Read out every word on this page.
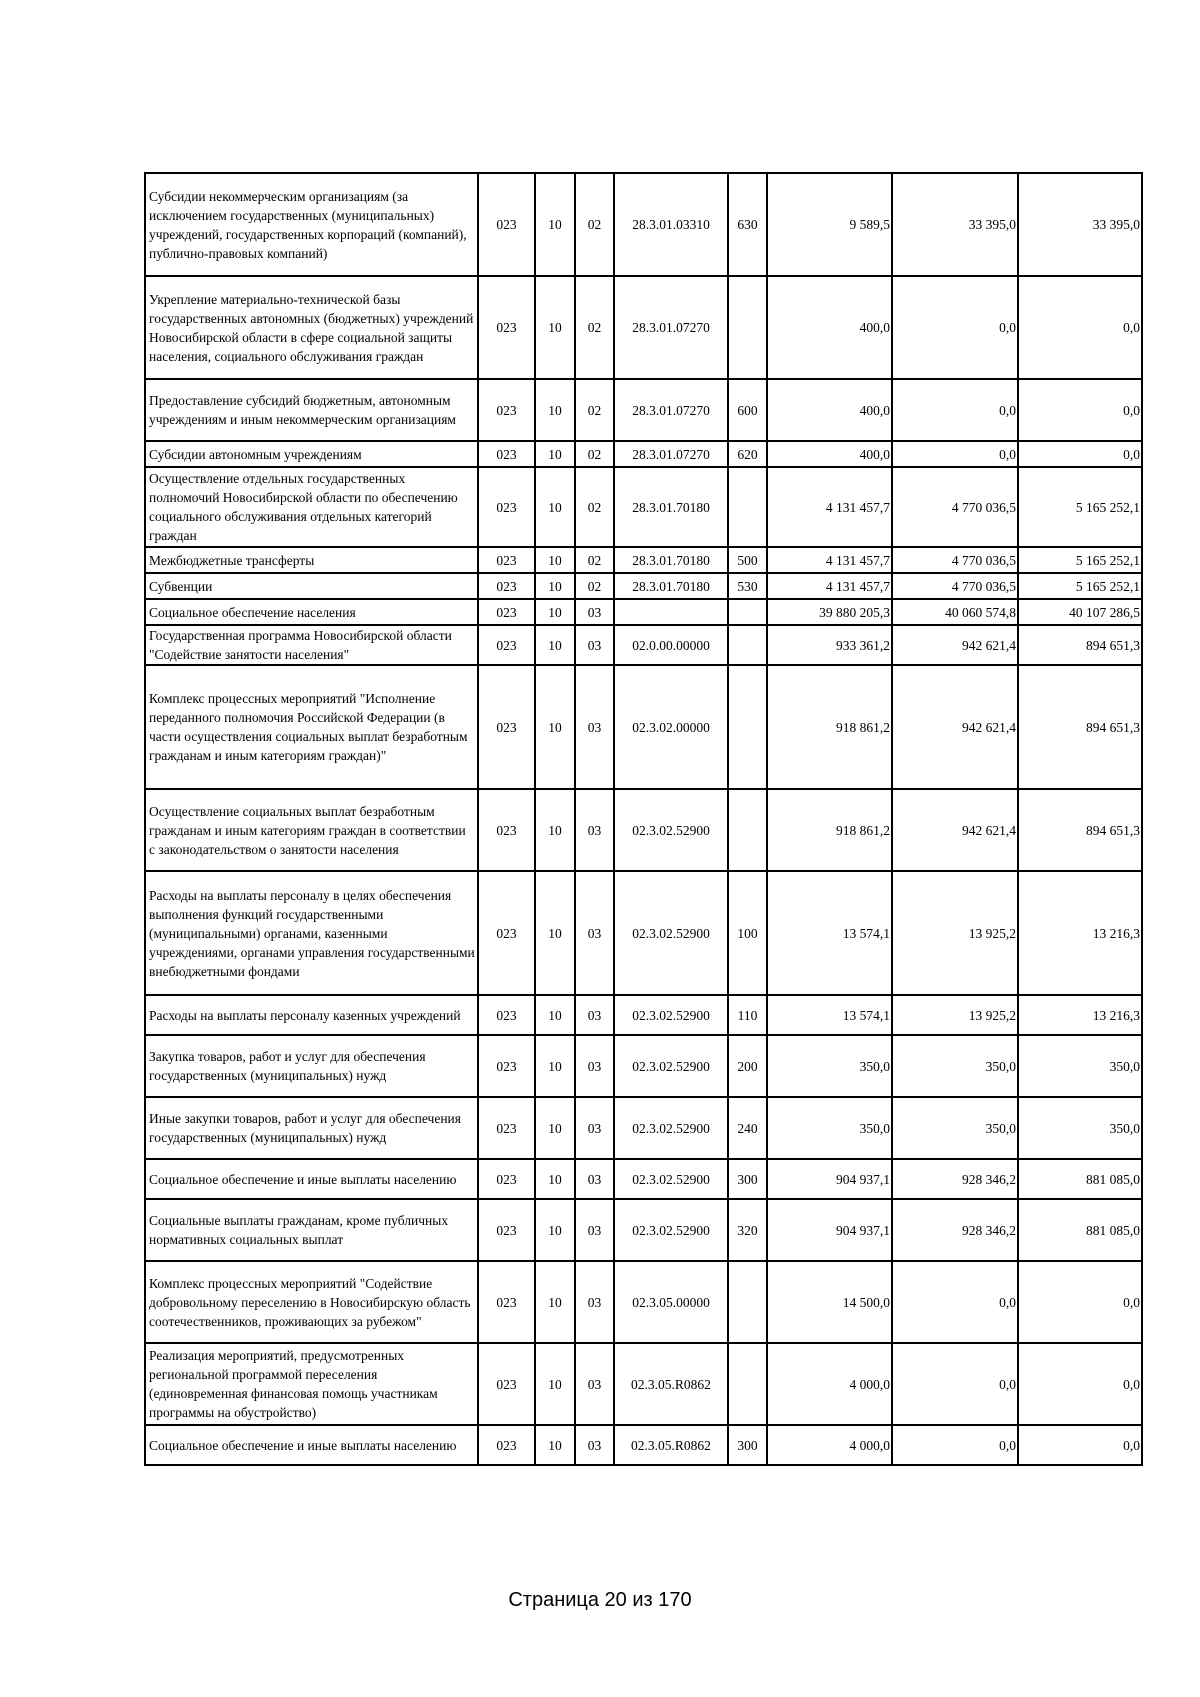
Субсидии некоммерческим организациям (за исключением государственных (муниципальных) учреждений, государственных корпораций (компаний), публично-правовых компаний)	023	10	02	28.3.01.03310	630	9 589,5	33 395,0	33 395,0
Укрепление материально-технической базы государственных автономных (бюджетных) учреждений Новосибирской области в сфере социальной защиты населения, социального обслуживания граждан	023	10	02	28.3.01.07270		400,0	0,0	0,0
Предоставление субсидий бюджетным, автономным учреждениям и иным некоммерческим организациям	023	10	02	28.3.01.07270	600	400,0	0,0	0,0
Субсидии автономным учреждениям	023	10	02	28.3.01.07270	620	400,0	0,0	0,0
Осуществление отдельных государственных полномочий Новосибирской области по обеспечению социального обслуживания отдельных категорий граждан	023	10	02	28.3.01.70180		4 131 457,7	4 770 036,5	5 165 252,1
Межбюджетные трансферты	023	10	02	28.3.01.70180	500	4 131 457,7	4 770 036,5	5 165 252,1
Субвенции	023	10	02	28.3.01.70180	530	4 131 457,7	4 770 036,5	5 165 252,1
Социальное обеспечение населения	023	10	03			39 880 205,3	40 060 574,8	40 107 286,5
Государственная программа Новосибирской области "Содействие занятости населения"	023	10	03	02.0.00.00000		933 361,2	942 621,4	894 651,3
Комплекс процессных мероприятий "Исполнение переданного полномочия Российской Федерации (в части осуществления социальных выплат безработным гражданам и иным категориям граждан)"	023	10	03	02.3.02.00000		918 861,2	942 621,4	894 651,3
Осуществление социальных выплат безработным гражданам и иным категориям граждан в соответствии с законодательством о занятости населения	023	10	03	02.3.02.52900		918 861,2	942 621,4	894 651,3
Расходы на выплаты персоналу в целях обеспечения выполнения функций государственными (муниципальными) органами, казенными учреждениями, органами управления государственными внебюджетными фондами	023	10	03	02.3.02.52900	100	13 574,1	13 925,2	13 216,3
Расходы на выплаты персоналу казенных учреждений	023	10	03	02.3.02.52900	110	13 574,1	13 925,2	13 216,3
Закупка товаров, работ и услуг для обеспечения государственных (муниципальных) нужд	023	10	03	02.3.02.52900	200	350,0	350,0	350,0
Иные закупки товаров, работ и услуг для обеспечения государственных (муниципальных) нужд	023	10	03	02.3.02.52900	240	350,0	350,0	350,0
Социальное обеспечение и иные выплаты населению	023	10	03	02.3.02.52900	300	904 937,1	928 346,2	881 085,0
Социальные выплаты гражданам, кроме публичных нормативных социальных выплат	023	10	03	02.3.02.52900	320	904 937,1	928 346,2	881 085,0
Комплекс процессных мероприятий "Содействие добровольному переселению в Новосибирскую область соотечественников, проживающих за рубежом"	023	10	03	02.3.05.00000		14 500,0	0,0	0,0
Реализация мероприятий, предусмотренных региональной программой переселения (единовременная финансовая помощь участникам программы на обустройство)	023	10	03	02.3.05.R0862		4 000,0	0,0	0,0
Социальное обеспечение и иные выплаты населению	023	10	03	02.3.05.R0862	300	4 000,0	0,0	0,0
Страница 20 из 170
